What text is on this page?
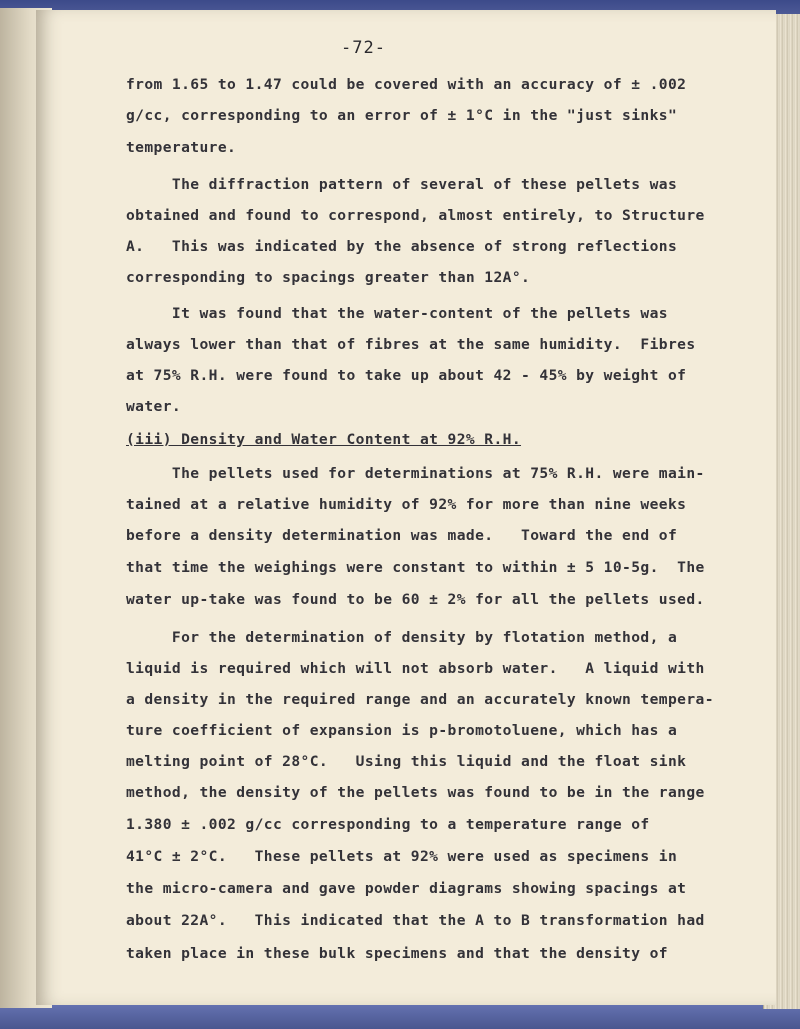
-72-
from 1.65 to 1.47 could be covered with an accuracy of ± .002
g/cc, corresponding to an error of ± 1°C in the "just sinks"
temperature.
The diffraction pattern of several of these pellets was
obtained and found to correspond, almost entirely, to Structure
A.   This was indicated by the absence of strong reflections
corresponding to spacings greater than 12A°.
It was found that the water-content of the pellets was
always lower than that of fibres at the same humidity.  Fibres
at 75% R.H. were found to take up about 42 - 45% by weight of
water.
(iii) Density and Water Content at 92% R.H.
The pellets used for determinations at 75% R.H. were main-
tained at a relative humidity of 92% for more than nine weeks
before a density determination was made.   Toward the end of
that time the weighings were constant to within ± 5 10-5g.  The
water up-take was found to be 60 ± 2% for all the pellets used.
For the determination of density by flotation method, a
liquid is required which will not absorb water.   A liquid with
a density in the required range and an accurately known tempera-
ture coefficient of expansion is p-bromotoluene, which has a
melting point of 28°C.   Using this liquid and the float sink
method, the density of the pellets was found to be in the range
1.380 ± .002 g/cc corresponding to a temperature range of
41°C ± 2°C.   These pellets at 92% were used as specimens in
the micro-camera and gave powder diagrams showing spacings at
about 22A°.   This indicated that the A to B transformation had
taken place in these bulk specimens and that the density of
